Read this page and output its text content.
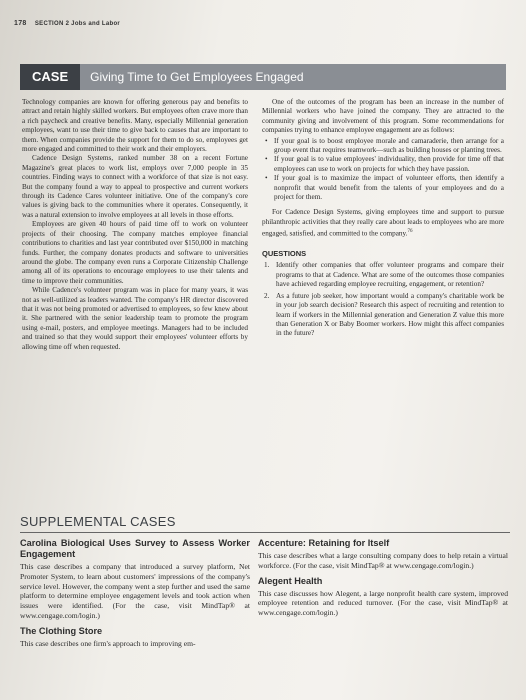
178 SECTION 2 Jobs and Labor
CASE	Giving Time to Get Employees Engaged

Technology companies are known for offering generous pay and benefits to attract and retain highly skilled workers. But employees often crave more than a rich paycheck and creative benefits. Many, especially Millennial generation employees, want to use their time to give back to causes that are important to them. When companies provide the support for them to do so, employees get more engaged and committed to their work and their employers.

Cadence Design Systems, ranked number 38 on a recent Fortune Magazine's great places to work list, employs over 7,000 people in 35 countries. Finding ways to connect with a workforce of that size is not easy. But the company found a way to appeal to prospective and current workers through its Cadence Cares volunteer initiative. One of the company's core values is giving back to the communities where it operates. Consequently, it was a natural extension to involve employees at all levels in those efforts.

Employees are given 40 hours of paid time off to work on volunteer projects of their choosing. The company matches employee financial contributions to charities and last year contributed over $150,000 in matching funds. Further, the company donates products and software to universities around the globe. The company even runs a Corporate Citizenship Challenge among all of its operations to encourage employees to use their talents and time to improve their communities.

While Cadence's volunteer program was in place for many years, it was not as well-utilized as leaders wanted. The company's HR director discovered that it was not being promoted or advertised to employees, so few knew about it. She partnered with the senior leadership team to promote the program using e-mail, posters, and employee meetings. Managers had to be included and trained so that they would support their employees' volunteer efforts by allowing time off when requested.

One of the outcomes of the program has been an increase in the number of Millennial workers who have joined the company. They are attracted to the community giving and involvement of this program. Some recommendations for companies trying to enhance employee engagement are as follows:

• If your goal is to boost employee morale and camaraderie, then arrange for a group event that requires teamwork—such as building houses or planting trees.
• If your goal is to value employees' individuality, then provide for time off that employees can use to work on projects for which they have passion.
• If your goal is to maximize the impact of volunteer efforts, then identify a nonprofit that would benefit from the talents of your employees and do a project for them.

For Cadence Design Systems, giving employees time and support to pursue philanthropic activities that they really care about leads to employees who are more engaged, satisfied, and committed to the company.$^{76}$

QUESTIONS
1. Identify other companies that offer volunteer programs and compare their programs to that at Cadence. What are some of the outcomes those companies have achieved regarding employee recruiting, engagement, or retention?
2. As a future job seeker, how important would a company's charitable work be in your job search decision? Research this aspect of recruiting and retention to learn if workers in the Millennial generation and Generation Z value this more than Generation X or Baby Boomer workers. How might this affect companies in the future?
SUPPLEMENTAL CASES
Carolina Biological Uses Survey to Assess Worker Engagement

This case describes a company that introduced a survey platform, Net Promoter System, to learn about customers' impressions of the company's service level. However, the company went a step further and used the same platform to determine employee engagement levels and took action when issues were identified. (For the case, visit MindTap® at www.cengage.com/login.)

The Clothing Store

This case describes one firm's approach to improving em-

Accenture: Retaining for Itself

This case describes what a large consulting company does to help retain a virtual workforce. (For the case, visit MindTap® at www.cengage.com/login.)

Alegent Health

This case discusses how Alegent, a large nonprofit health care system, improved employee retention and reduced turnover. (For the case, visit MindTap® at www.cengage.com/login.)
